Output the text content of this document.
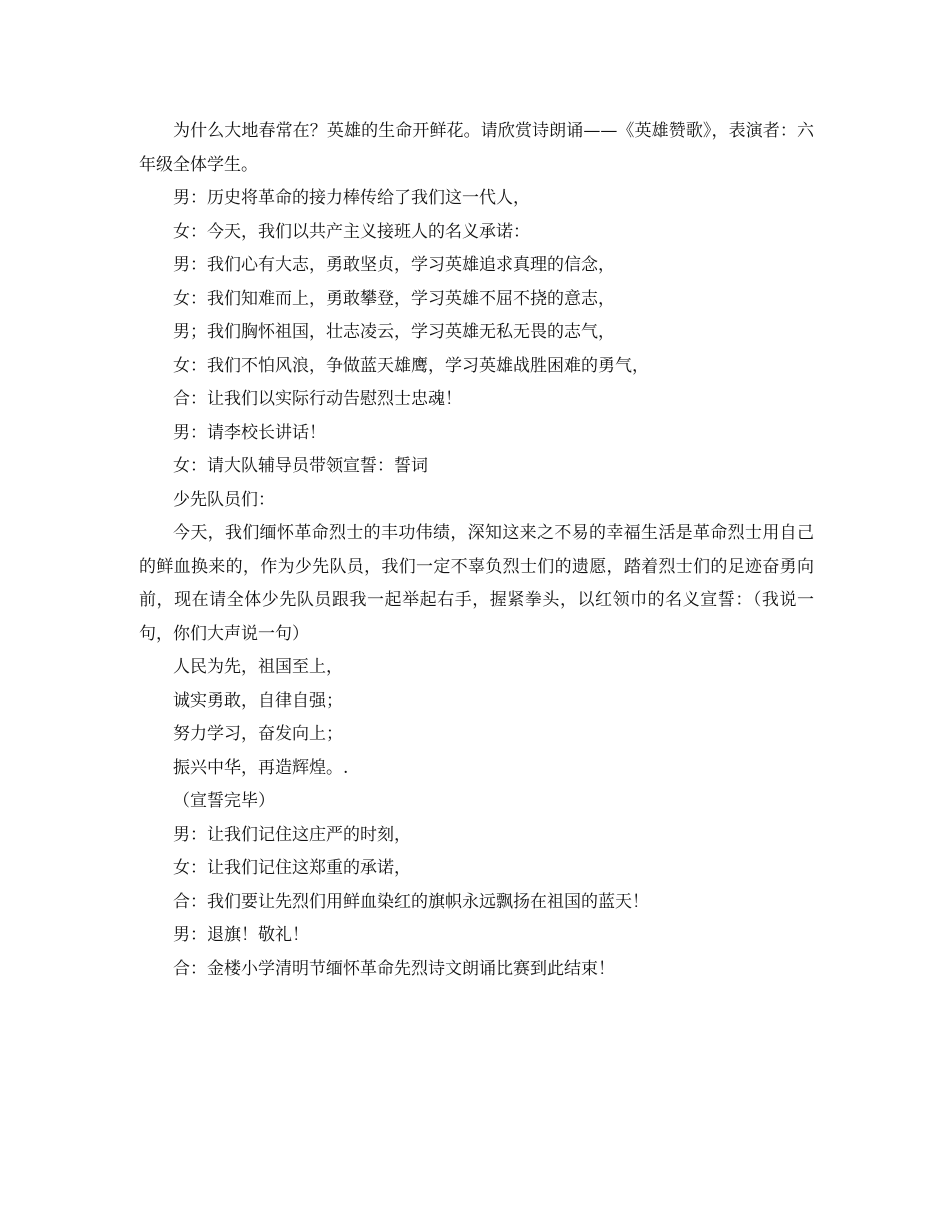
为什么大地春常在？英雄的生命开鲜花。请欣赏诗朗诵——《英雄赞歌》，表演者：六年级全体学生。

男：历史将革命的接力棒传给了我们这一代人，

女：今天，我们以共产主义接班人的名义承诺：

男：我们心有大志，勇敢坚贞，学习英雄追求真理的信念，

女：我们知难而上，勇敢攀登，学习英雄不屈不挠的意志，

男；我们胸怀祖国，壮志凌云，学习英雄无私无畏的志气，

女：我们不怕风浪，争做蓝天雄鹰，学习英雄战胜困难的勇气，

合：让我们以实际行动告慰烈士忠魂！

男：请李校长讲话！

女：请大队辅导员带领宣誓：誓词

少先队员们：

今天，我们缅怀革命烈士的丰功伟绩，深知这来之不易的幸福生活是革命烈士用自己的鲜血换来的，作为少先队员，我们一定不辜负烈士们的遗愿，踏着烈士们的足迹奋勇向前，现在请全体少先队员跟我一起举起右手，握紧拳头，以红领巾的名义宣誓：（我说一句，你们大声说一句）

人民为先，祖国至上，

诚实勇敢，自律自强；

努力学习，奋发向上；

振兴中华，再造辉煌。.

（宣誓完毕）

男：让我们记住这庄严的时刻，

女：让我们记住这郑重的承诺，

合：我们要让先烈们用鲜血染红的旗帜永远飘扬在祖国的蓝天！

男：退旗！敬礼！

合：金楼小学清明节缅怀革命先烈诗文朗诵比赛到此结束！
